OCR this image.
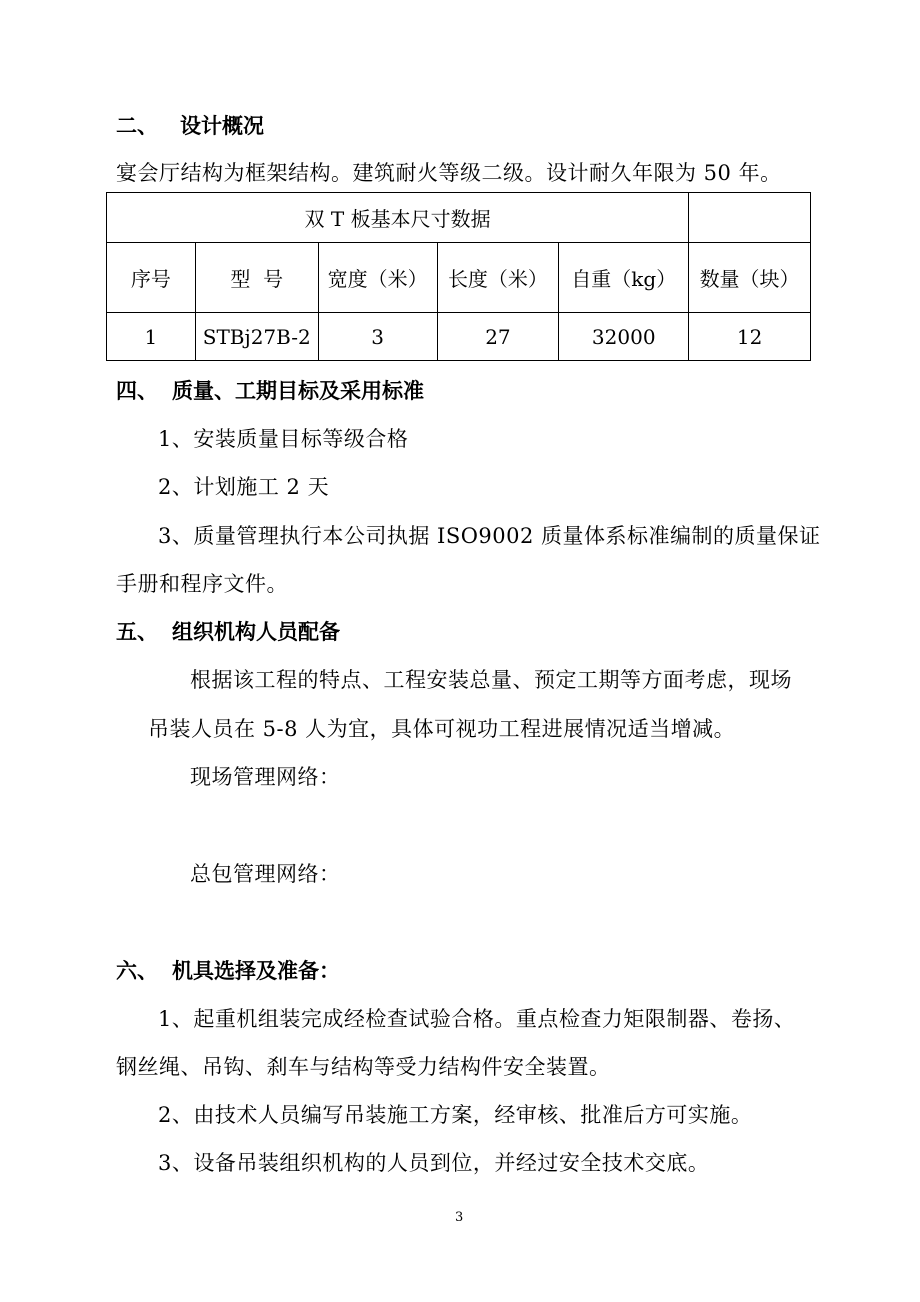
二、 设计概况
宴会厅结构为框架结构。建筑耐火等级二级。设计耐久年限为 50 年。
双 T 板基本尺寸数据					
序号	型  号	宽度（米）	长度（米）	自重（kg）	数量（块）
1	STBj27B-2	3	27	32000	12
四、 质量、工期目标及采用标准
1、安装质量目标等级合格
2、计划施工 2 天
3、质量管理执行本公司执据 ISO9002 质量体系标准编制的质量保证
手册和程序文件。
五、 组织机构人员配备
根据该工程的特点、工程安装总量、预定工期等方面考虑，现场
吊装人员在 5-8 人为宜，具体可视功工程进展情况适当增减。
现场管理网络：
总包管理网络：
六、 机具选择及准备：
1、起重机组装完成经检查试验合格。重点检查力矩限制器、卷扬、
钢丝绳、吊钩、刹车与结构等受力结构件安全装置。
2、由技术人员编写吊装施工方案，经审核、批准后方可实施。
3、设备吊装组织机构的人员到位，并经过安全技术交底。
3
